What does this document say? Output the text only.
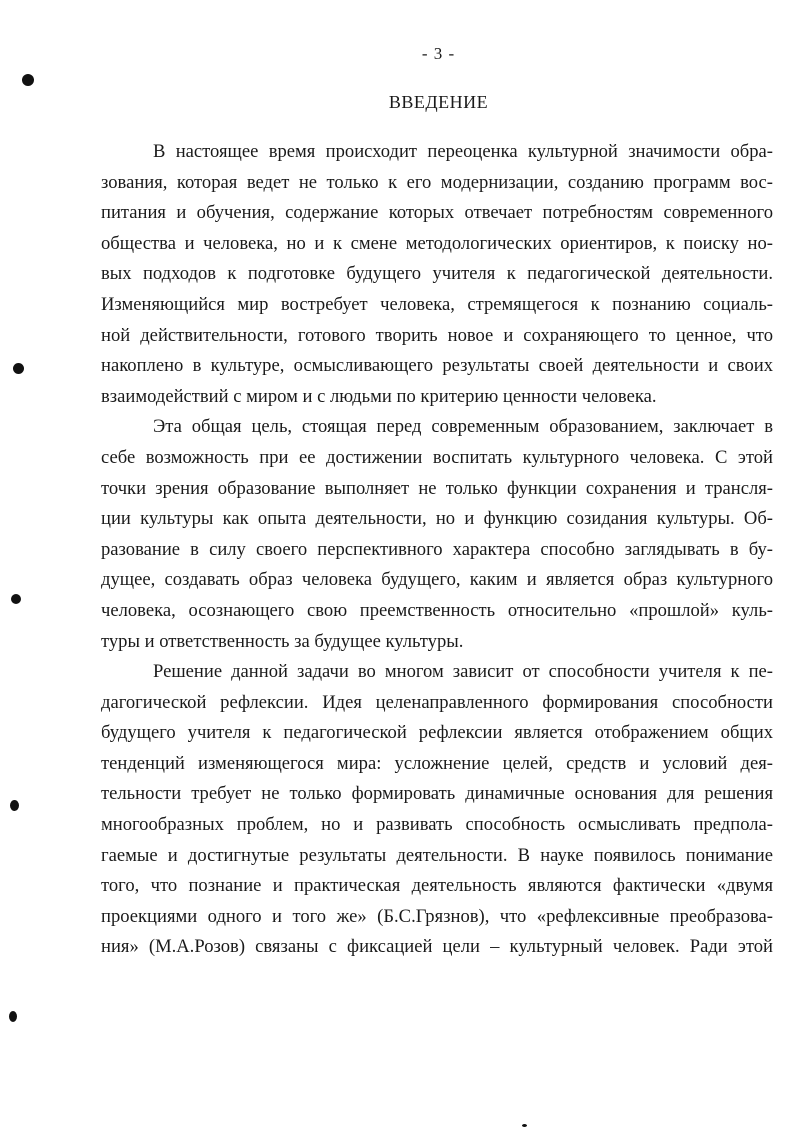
- 3 -
ВВЕДЕНИЕ
В настоящее время происходит переоценка культурной значимости обра-
зования, которая ведет не только к его модернизации, созданию программ вос-
питания и обучения, содержание которых отвечает потребностям современного
общества и человека, но и к смене методологических ориентиров, к поиску но-
вых подходов к подготовке будущего учителя к педагогической деятельности.
Изменяющийся мир востребует человека, стремящегося к познанию социаль-
ной действительности, готового творить новое и сохраняющего то ценное, что
накоплено в культуре, осмысливающего результаты своей деятельности и своих
взаимодействий с миром и с людьми по критерию ценности человека.
Эта общая цель, стоящая перед современным образованием, заключает в
себе возможность при ее достижении воспитать культурного человека. С этой
точки зрения образование выполняет не только функции сохранения и трансля-
ции культуры как опыта деятельности, но и функцию созидания культуры. Об-
разование в силу своего перспективного характера способно заглядывать в бу-
дущее, создавать образ человека будущего, каким и является образ культурного
человека, осознающего свою преемственность относительно «прошлой» куль-
туры и ответственность за будущее культуры.
Решение данной задачи во многом зависит от способности учителя к пе-
дагогической рефлексии. Идея целенаправленного формирования способности
будущего учителя к педагогической рефлексии является отображением общих
тенденций изменяющегося мира: усложнение целей, средств и условий дея-
тельности требует не только формировать динамичные основания для решения
многообразных проблем, но и развивать способность осмысливать предпола-
гаемые и достигнутые результаты деятельности. В науке появилось понимание
того, что познание и практическая деятельность являются фактически «двумя
проекциями одного и того же» (Б.С.Грязнов), что «рефлексивные преобразова-
ния» (М.А.Розов) связаны с фиксацией цели – культурный человек. Ради этой
